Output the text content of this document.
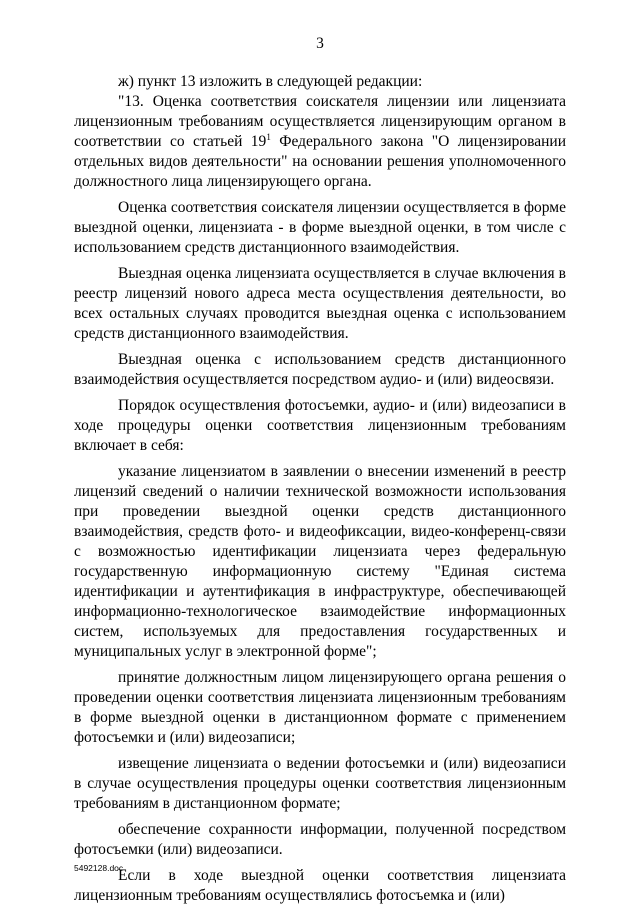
3

ж) пункт 13 изложить в следующей редакции:

"13. Оценка соответствия соискателя лицензии или лицензиата лицензионным требованиям осуществляется лицензирующим органом в соответствии со статьей $19^1$ Федерального закона "О лицензировании отдельных видов деятельности" на основании решения уполномоченного должностного лица лицензирующего органа.

Оценка соответствия соискателя лицензии осуществляется в форме выездной оценки, лицензиата - в форме выездной оценки, в том числе с использованием средств дистанционного взаимодействия.

Выездная оценка лицензиата осуществляется в случае включения в реестр лицензий нового адреса места осуществления деятельности, во всех остальных случаях проводится выездная оценка с использованием средств дистанционного взаимодействия.

Выездная оценка с использованием средств дистанционного взаимодействия осуществляется посредством аудио- и (или) видеосвязи.

Порядок осуществления фотосъемки, аудио- и (или) видеозаписи в ходе процедуры оценки соответствия лицензионным требованиям включает в себя:

указание лицензиатом в заявлении о внесении изменений в реестр лицензий сведений о наличии технической возможности использования при проведении выездной оценки средств дистанционного взаимодействия, средств фото- и видеофиксации, видео-конференц-связи с возможностью идентификации лицензиата через федеральную государственную информационную систему "Единая система идентификации и аутентификация в инфраструктуре, обеспечивающей информационно-технологическое взаимодействие информационных систем, используемых для предоставления государственных и муниципальных услуг в электронной форме";

принятие должностным лицом лицензирующего органа решения о проведении оценки соответствия лицензиата лицензионным требованиям в форме выездной оценки в дистанционном формате с применением фотосъемки и (или) видеозаписи;

извещение лицензиата о ведении фотосъемки и (или) видеозаписи в случае осуществления процедуры оценки соответствия лицензионным требованиям в дистанционном формате;

обеспечение сохранности информации, полученной посредством фотосъемки (или) видеозаписи.

Если в ходе выездной оценки соответствия лицензиата лицензионным требованиям осуществлялись фотосъемка и (или)

5492128.doc
